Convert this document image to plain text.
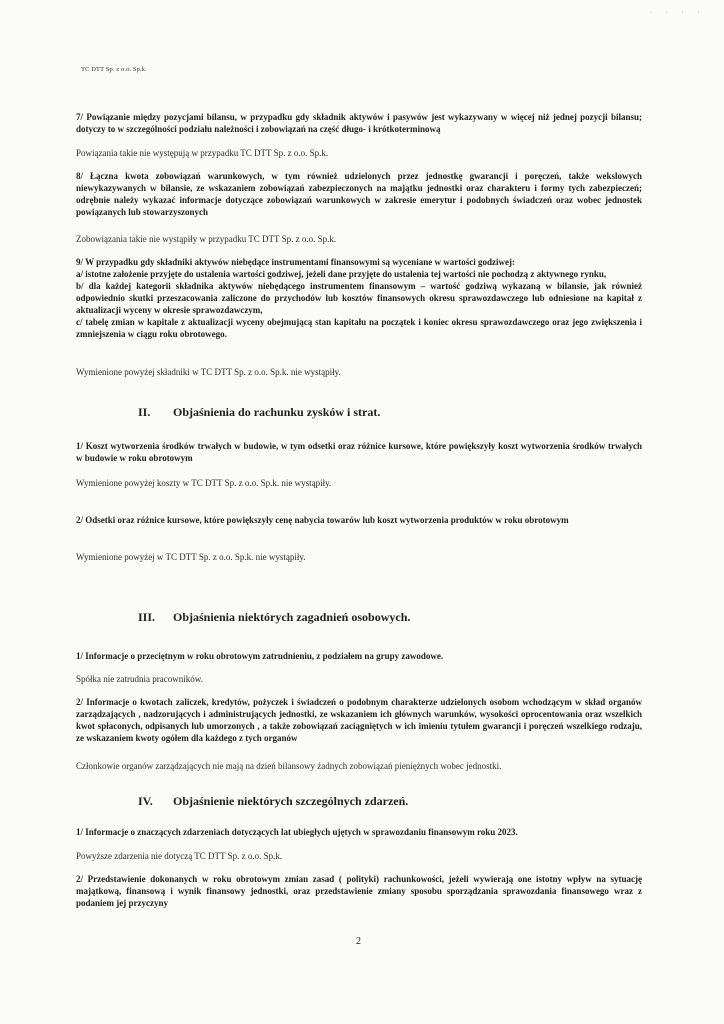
' ' ' '
TC DTT Sp. z o.o. Sp.k.

7/ Powiązanie między pozycjami bilansu, w przypadku gdy składnik aktywów i pasywów jest wykazywany w więcej niż jednej pozycji bilansu; dotyczy to w szczególności podziału należności i zobowiązań na część długo- i krótkoterminową

Powiązania takie nie występują w przypadku TC DTT Sp. z o.o. Sp.k.

8/ Łączna kwota zobowiązań warunkowych, w tym również udzielonych przez jednostkę gwarancji i poręczeń, także wekslowych niewykazywanych w bilansie, ze wskazaniem zobowiązań zabezpieczonych na majątku jednostki oraz charakteru i formy tych zabezpieczeń; odrębnie należy wykazać informacje dotyczące zobowiązań warunkowych w zakresie emerytur i podobnych świadczeń oraz wobec jednostek powiązanych lub stowarzyszonych

Zobowiązania takie nie wystąpiły w przypadku TC DTT Sp. z o.o. Sp.k.

9/ W przypadku gdy składniki aktywów niebędące instrumentami finansowymi są wyceniane w wartości godziwej:
a/ istotne założenie przyjęte do ustalenia wartości godziwej, jeżeli dane przyjęte do ustalenia tej wartości nie pochodzą z aktywnego rynku,
b/ dla każdej kategorii składnika aktywów niebędącego instrumentem finansowym – wartość godziwą wykazaną w bilansie, jak również odpowiednio skutki przeszacowania zaliczone do przychodów lub kosztów finansowych okresu sprawozdawczego lub odniesione na kapitał z aktualizacji wyceny w okresie sprawozdawczym,
c/ tabelę zmian w kapitale z aktualizacji wyceny obejmującą stan kapitału na początek i koniec okresu sprawozdawczego oraz jego zwiększenia i zmniejszenia w ciągu roku obrotowego.

Wymienione powyżej składniki w TC DTT Sp. z o.o. Sp.k. nie wystąpiły.

II. Objaśnienia do rachunku zysków i strat.

1/ Koszt wytworzenia środków trwałych w budowie, w tym odsetki oraz różnice kursowe, które powiększyły koszt wytworzenia środków trwałych w budowie w roku obrotowym

Wymienione powyżej koszty w TC DTT Sp. z o.o. Sp.k. nie wystąpiły.

2/ Odsetki oraz różnice kursowe, które powiększyły cenę nabycia towarów lub koszt wytworzenia produktów w roku obrotowym

Wymienione powyżej w TC DTT Sp. z o.o. Sp.k. nie wystąpiły.

III. Objaśnienia niektórych zagadnień osobowych.

1/ Informacje o przeciętnym w roku obrotowym zatrudnieniu, z podziałem na grupy zawodowe.

Spółka nie zatrudnia pracowników.

2/ Informacje o kwotach zaliczek, kredytów, pożyczek i świadczeń o podobnym charakterze udzielonych osobom wchodzącym w skład organów zarządzających , nadzorujących i administrujących jednostki, ze wskazaniem ich głównych warunków, wysokości oprocentowania oraz wszelkich kwot spłaconych, odpisanych lub umorzonych , a także zobowiązań zaciągniętych w ich imieniu tytułem gwarancji i poręczeń wszelkiego rodzaju, ze wskazaniem kwoty ogółem dla każdego z tych organów

Członkowie organów zarządzających nie mają na dzień bilansowy żadnych zobowiązań pieniężnych wobec jednostki.

IV. Objaśnienie niektórych szczególnych zdarzeń.

1/ Informacje o znaczących zdarzeniach dotyczących lat ubiegłych ujętych w sprawozdaniu finansowym roku 2023.

Powyższe zdarzenia nie dotyczą TC DTT Sp. z o.o. Sp.k.

2/ Przedstawienie dokonanych w roku obrotowym zmian zasad ( polityki) rachunkowości, jeżeli wywierają one istotny wpływ na sytuację majątkową, finansową i wynik finansowy jednostki, oraz przedstawienie zmiany sposobu sporządzania sprawozdania finansowego wraz z podaniem jej przyczyny

2
